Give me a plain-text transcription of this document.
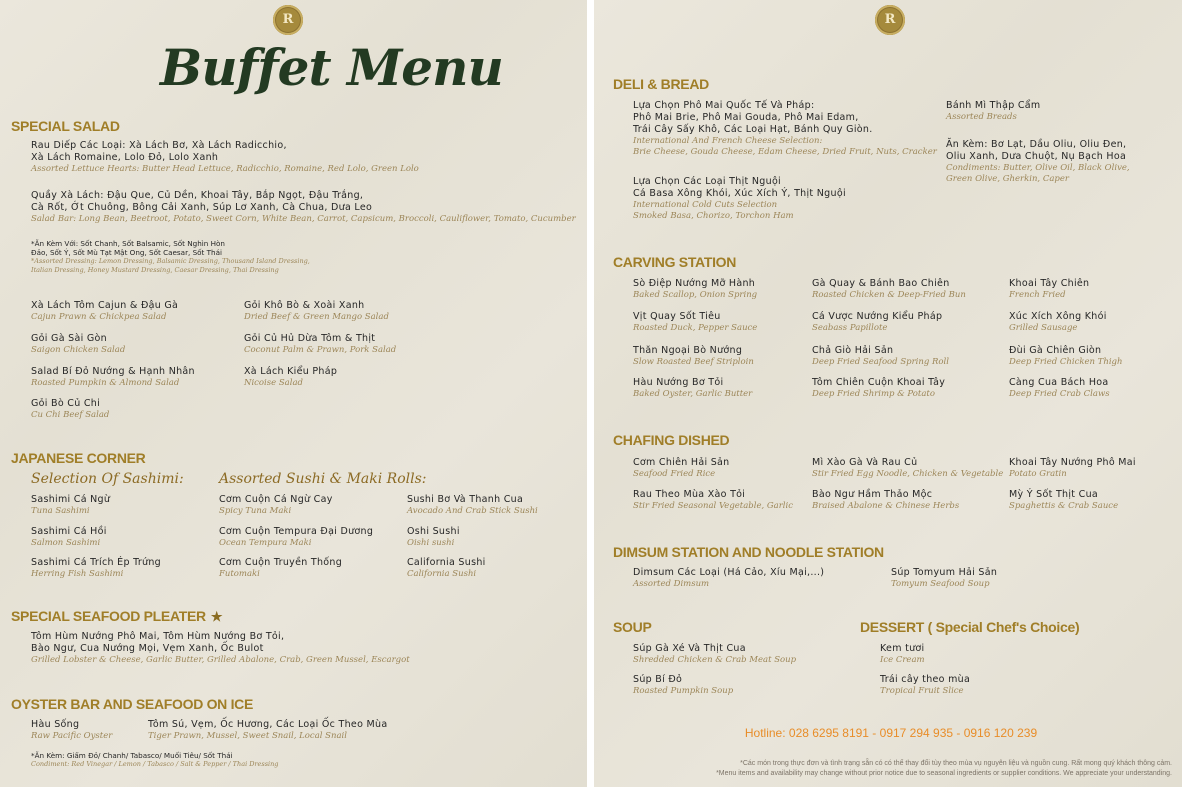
R
Buffet Menu
SPECIAL SALAD
Rau Diếp Các Loại: Xà Lách Bơ, Xà Lách Radicchio,
Xà Lách Romaine, Lolo Đỏ, Lolo Xanh
Assorted Lettuce Hearts: Butter Head Lettuce, Radicchio, Romaine, Red Lolo, Green Lolo
Quầy Xà Lách: Đậu Que, Củ Dền, Khoai Tây, Bắp Ngọt, Đậu Trắng,
Cà Rốt, Ớt Chuông, Bông Cải Xanh, Súp Lơ Xanh, Cà Chua, Dưa Leo
Salad Bar: Long Bean, Beetroot, Potato, Sweet Corn, White Bean, Carrot, Capsicum, Broccoli, Cauliflower, Tomato, Cucumber
*Ăn Kèm Với: Sốt Chanh, Sốt Balsamic, Sốt Nghìn Hòn
Đảo, Sốt Ý, Sốt Mù Tạt Mật Ong, Sốt Caesar, Sốt Thái
*Assorted Dressing: Lemon Dressing, Balsamic Dressing, Thousand Island Dressing,
Italian Dressing, Honey Mustard Dressing, Caesar Dressing, Thai Dressing
Xà Lách Tôm Cajun & Đậu Gà
Cajun Prawn & Chickpea Salad
Gỏi Khô Bò & Xoài Xanh
Dried Beef & Green Mango Salad
Gỏi Gà Sài Gòn
Saigon Chicken Salad
Gỏi Củ Hủ Dừa Tôm & Thịt
Coconut Palm & Prawn, Pork Salad
Salad Bí Đỏ Nướng & Hạnh Nhân
Roasted Pumpkin & Almond Salad
Xà Lách Kiểu Pháp
Nicoise Salad
Gỏi Bò Củ Chi
Cu Chi Beef Salad
JAPANESE CORNER
Selection Of Sashimi:	Assorted Sushi & Maki Rolls:
Sashimi Cá Ngừ
Tuna Sashimi
Cơm Cuộn Cá Ngừ Cay
Spicy Tuna Maki
Sushi Bơ Và Thanh Cua
Avocado And Crab Stick Sushi
Sashimi Cá Hồi
Salmon Sashimi
Cơm Cuộn Tempura Đại Dương
Ocean Tempura Maki
Oshi Sushi
Oishi sushi
Sashimi Cá Trích Ép Trứng
Herring Fish Sashimi
Cơm Cuộn Truyền Thống
Futomaki
California Sushi
California Sushi
SPECIAL SEAFOOD PLEATER ★
Tôm Hùm Nướng Phô Mai, Tôm Hùm Nướng Bơ Tỏi,
Bào Ngư, Cua Nướng Mọi, Vẹm Xanh, Ốc Bulot
Grilled Lobster & Cheese, Garlic Butter, Grilled Abalone, Crab, Green Mussel, Escargot
OYSTER BAR AND SEAFOOD ON ICE
Hàu Sống
Raw Pacific Oyster
Tôm Sú, Vẹm, Ốc Hương, Các Loại Ốc Theo Mùa
Tiger Prawn, Mussel, Sweet Snail, Local Snail
*Ăn Kèm: Giấm Đỏ/ Chanh/ Tabasco/ Muối Tiêu/ Sốt Thái
Condiment: Red Vinegar / Lemon / Tabasco / Salt & Pepper / Thai Dressing
R
DELI & BREAD
Lựa Chọn Phô Mai Quốc Tế Và Pháp:
Phô Mai Brie, Phô Mai Gouda, Phô Mai Edam,
Trái Cây Sấy Khô, Các Loại Hạt, Bánh Quy Giòn.
International And French Cheese Selection:
Brie Cheese, Gouda Cheese, Edam Cheese, Dried Fruit, Nuts, Cracker
Bánh Mì Thập Cẩm
Assorted Breads
Ăn Kèm: Bơ Lạt, Dầu Oliu, Oliu Đen,
Oliu Xanh, Dưa Chuột, Nụ Bạch Hoa
Condiments: Butter, Olive Oil, Black Olive,
Green Olive, Gherkin, Caper
Lựa Chọn Các Loại Thịt Nguội
Cá Basa Xông Khói, Xúc Xích Ý, Thịt Nguội
International Cold Cuts Selection
Smoked Basa, Chorizo, Torchon Ham
CARVING STATION
Sò Điệp Nướng Mỡ Hành
Baked Scallop, Onion Spring
Gà Quay & Bánh Bao Chiên
Roasted Chicken & Deep-Fried Bun
Khoai Tây Chiên
French Fried
Vịt Quay Sốt Tiêu
Roasted Duck, Pepper Sauce
Cá Vược Nướng Kiểu Pháp
Seabass Papillote
Xúc Xích Xông Khói
Grilled Sausage
Thăn Ngoại Bò Nướng
Slow Roasted Beef Striploin
Chả Giò Hải Sản
Deep Fried Seafood Spring Roll
Đùi Gà Chiên Giòn
Deep Fried Chicken Thigh
Hàu Nướng Bơ Tỏi
Baked Oyster, Garlic Butter
Tôm Chiên Cuộn Khoai Tây
Deep Fried Shrimp & Potato
Càng Cua Bách Hoa
Deep Fried Crab Claws
CHAFING DISHED
Cơm Chiên Hải Sản
Seafood Fried Rice
Mì Xào Gà Và Rau Củ
Stir Fried Egg Noodle, Chicken & Vegetable
Khoai Tây Nướng Phô Mai
Potato Gratin
Rau Theo Mùa Xào Tỏi
Stir Fried Seasonal Vegetable, Garlic
Bào Ngư Hầm Thảo Mộc
Braised Abalone & Chinese Herbs
Mỳ Ý Sốt Thịt Cua
Spaghettis & Crab Sauce
DIMSUM STATION AND NOODLE STATION
Dimsum Các Loại (Há Cảo, Xíu Mại,...)
Assorted Dimsum
Súp Tomyum Hải Sản
Tomyum Seafood Soup
SOUP
Súp Gà Xé Và Thịt Cua
Shredded Chicken & Crab Meat Soup
Súp Bí Đỏ
Roasted Pumpkin Soup
DESSERT ( Special Chef's Choice)
Kem tươi
Ice Cream
Trái cây theo mùa
Tropical Fruit Slice
Hotline: 028 6295 8191 - 0917 294 935 - 0916 120 239
*Các món trong thực đơn và tình trạng sẵn có có thể thay đổi tùy theo mùa vụ nguyên liệu và nguồn cung. Rất mong quý khách thông cảm.
*Menu items and availability may change without prior notice due to seasonal ingredients or supplier conditions. We appreciate your understanding.
